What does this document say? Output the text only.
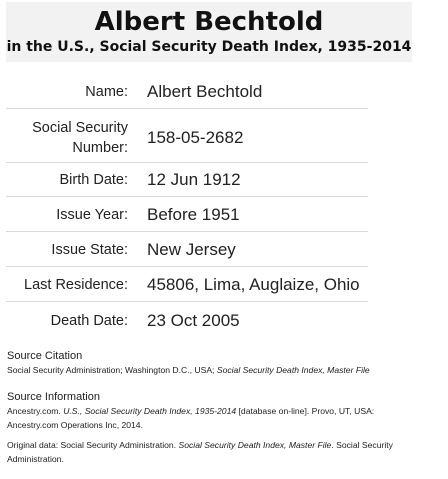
Albert Bechtold
in the U.S., Social Security Death Index, 1935-2014
Name: Albert Bechtold
Social Security
Number:
158-05-2682
Birth Date: 12 Jun 1912
Issue Year: Before 1951
Issue State: New Jersey
Last Residence: 45806, Lima, Auglaize, Ohio
Death Date: 23 Oct 2005
Source Citation
Social Security Administration; Washington D.C., USA; Social Security Death Index, Master File
Source Information
Ancestry.com. U.S., Social Security Death Index, 1935-2014 [database on-line]. Provo, UT, USA:
Ancestry.com Operations Inc, 2014.
Original data: Social Security Administration. Social Security Death Index, Master File. Social Security
Administration.
